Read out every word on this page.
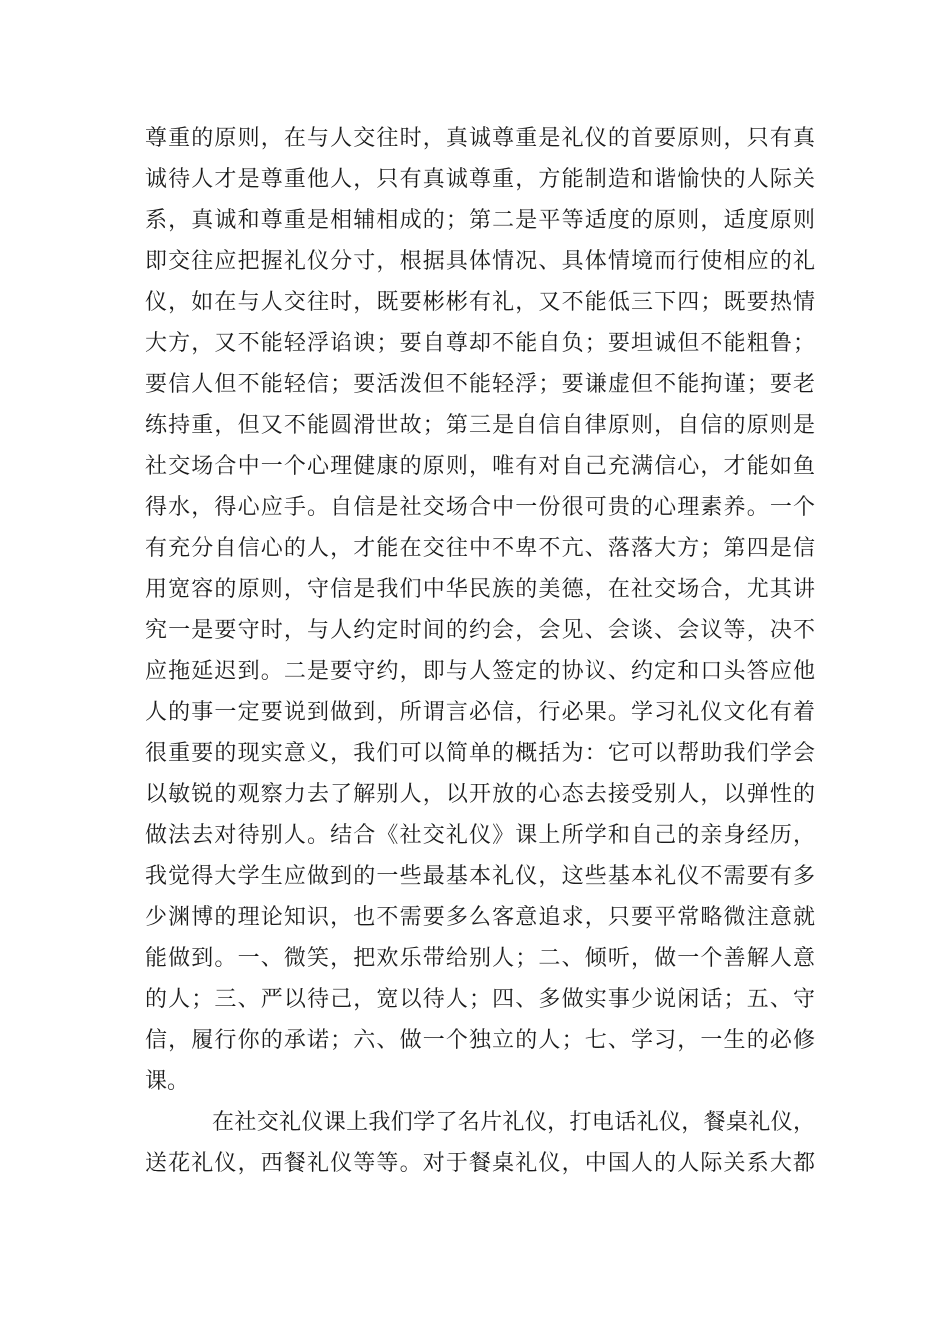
尊重的原则，在与人交往时，真诚尊重是礼仪的首要原则，只有真
诚待人才是尊重他人，只有真诚尊重，方能制造和谐愉快的人际关
系，真诚和尊重是相辅相成的；第二是平等适度的原则，适度原则
即交往应把握礼仪分寸，根据具体情况、具体情境而行使相应的礼
仪，如在与人交往时，既要彬彬有礼，又不能低三下四；既要热情
大方，又不能轻浮谄谀；要自尊却不能自负；要坦诚但不能粗鲁；
要信人但不能轻信；要活泼但不能轻浮；要谦虚但不能拘谨；要老
练持重，但又不能圆滑世故；第三是自信自律原则，自信的原则是
社交场合中一个心理健康的原则，唯有对自己充满信心，才能如鱼
得水，得心应手。自信是社交场合中一份很可贵的心理素养。一个
有充分自信心的人，才能在交往中不卑不亢、落落大方；第四是信
用宽容的原则，守信是我们中华民族的美德，在社交场合，尤其讲
究一是要守时，与人约定时间的约会，会见、会谈、会议等，决不
应拖延迟到。二是要守约，即与人签定的协议、约定和口头答应他
人的事一定要说到做到，所谓言必信，行必果。学习礼仪文化有着
很重要的现实意义，我们可以简单的概括为：它可以帮助我们学会
以敏锐的观察力去了解别人，以开放的心态去接受别人，以弹性的
做法去对待别人。结合《社交礼仪》课上所学和自己的亲身经历，
我觉得大学生应做到的一些最基本礼仪，这些基本礼仪不需要有多
少渊博的理论知识，也不需要多么客意追求，只要平常略微注意就
能做到。一、微笑，把欢乐带给别人；二、倾听，做一个善解人意
的人；三、严以待己，宽以待人；四、多做实事少说闲话；五、守
信，履行你的承诺；六、做一个独立的人；七、学习，一生的必修
课。
在社交礼仪课上我们学了名片礼仪，打电话礼仪，餐桌礼仪，
送花礼仪，西餐礼仪等等。对于餐桌礼仪，中国人的人际关系大都
